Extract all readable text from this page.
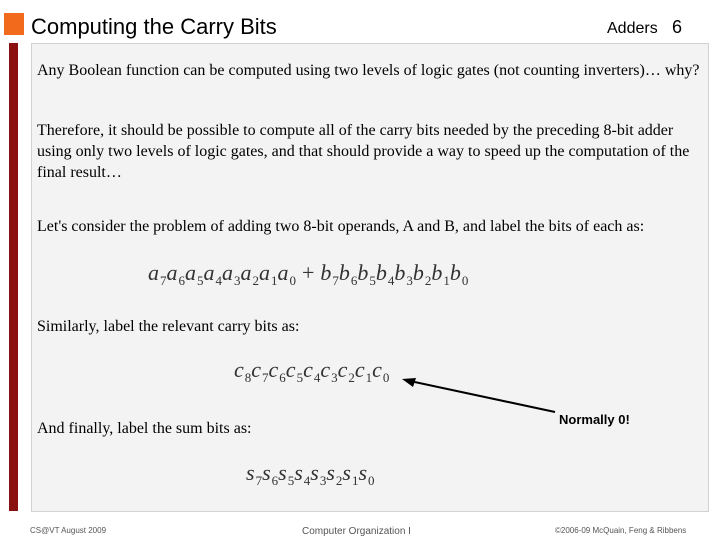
Computing the Carry Bits	Adders 6
Any Boolean function can be computed using two levels of logic gates (not counting inverters)… why?
Therefore, it should be possible to compute all of the carry bits needed by the preceding 8-bit adder using only two levels of logic gates, and that should provide a way to speed up the computation of the final result…
Let's consider the problem of adding two 8-bit operands, A and B, and label the bits of each as:
$a_7a_6a_5a_4a_3a_2a_1a_0 + b_7b_6b_5b_4b_3b_2b_1b_0$
Similarly, label the relevant carry bits as:
$c_8c_7c_6c_5c_4c_3c_2c_1c_0$
And finally, label the sum bits as:
$s_7s_6s_5s_4s_3s_2s_1s_0$
Normally 0!
CS@VT August 2009	Computer Organization I	©2006-09 McQuain, Feng & Ribbens
